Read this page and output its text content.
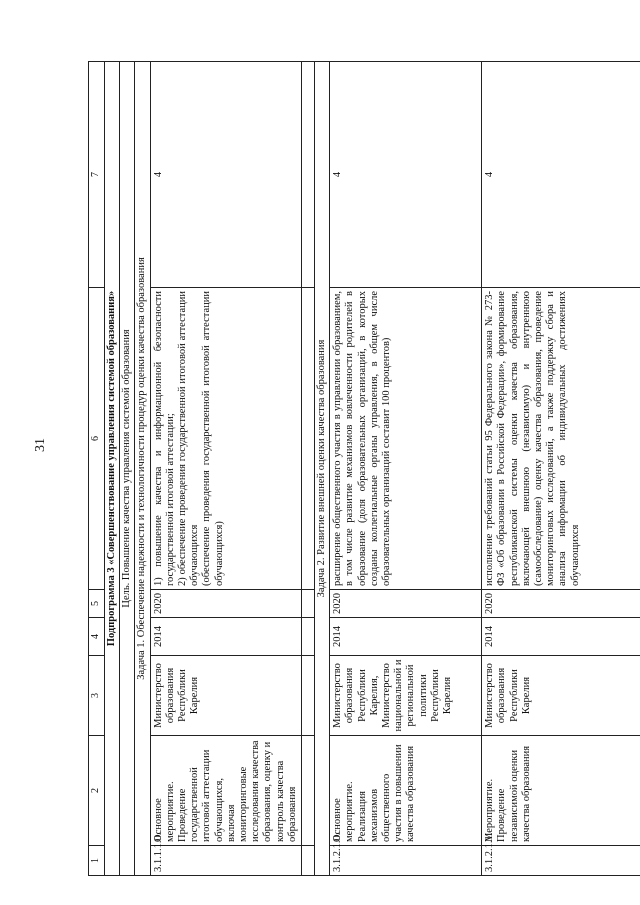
31
1	2	3	4	5	6	7
Подпрограмма 3 «Совершенствование управления системой образования»						
Цель. Повышение качества управления системой образования						
Задача 1. Обеспечение надежности и технологичности процедур оценки качества образования						
3.1.1.1.0.	Основное мероприятие. Проведение государственной итоговой аттестации обучающихся, включая мониторинговые исследования качества образования, оценку и контроль качества образования	Министерство образования Республики Карелия	2014	2020	1) повышение качества и информационной безопасности государственной итоговой аттестации; 2) обеспечение проведения государственной итоговой аттестации обучающихся (обеспечение проведения государственной итоговой аттестации обучающихся)	4

Задача 2. Развитие внешней оценки качества образования						
3.1.2.1.0.	Основное мероприятие. Реализация механизмов общественного участия в повышении качества образования	Министерство образования Республики Карелия, Министерство национальной и региональной политики Республики Карелия	2014	2020	расширение общественного участия в управлении образованием, в том числе развитие механизмов вовлеченности родителей в образование (доля образовательных организаций, в которых созданы коллегиальные органы управления, в общем числе образовательных организаций составит 100 процентов)	4
3.1.2.1.1.	Мероприятие. Проведение независимой оценки качества образования	Министерство образования Республики Карелия	2014	2020	исполнение требований статьи 95 Федерального закона № 273-ФЗ «Об образовании в Российской Федерации», формирование республиканской системы оценки качества образования, включающей внешнюю (независимую) и внутреннюю (самообследование) оценку качества образования, проведение мониторинговых исследований, а также поддержку сбора и анализа информации об индивидуальных достижениях обучающихся	4
